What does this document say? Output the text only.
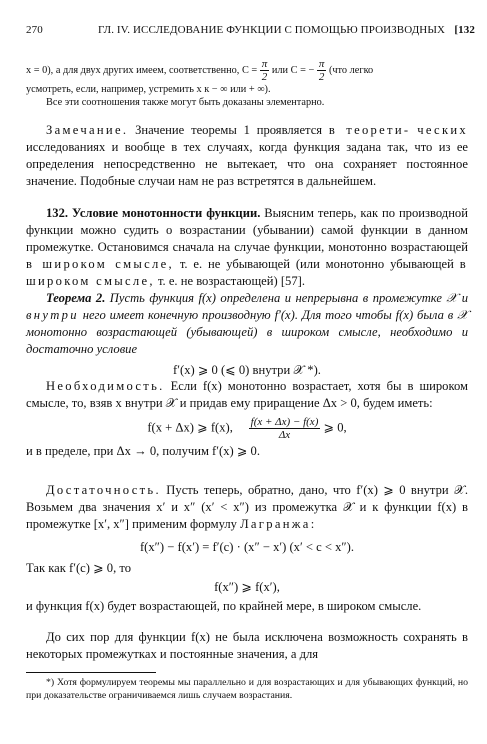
270	ГЛ. IV. ИССЛЕДОВАНИЕ ФУНКЦИИ С ПОМОЩЬЮ ПРОИЗВОДНЫХ [132

x = 0), а для двух других имеем, соответственно, $C = \frac{\pi}{2}$ или C = − $\frac{\pi}{2} (что$ легко

усмотреть, если, например, устремить x к − ∞ или + ∞).

Все эти соотношения также могут быть доказаны элементарно.

Замечание. Значение теоремы 1 проявляется в теорети- ческих исследованиях и вообще в тех случаях, когда функция задана так, что из ее определения непосредственно не вытекает, что она сохраняет постоянное значение. Подобные случаи нам не раз встретятся в дальнейшем.

132. Условие монотонности функции. Выясним теперь, как по производной функции можно судить о возрастании (убывании) самой функции в данном промежутке. Остановимся сначала на случае функции, монотонно возрастающей в широком смысле, т. е. не убывающей (или монотонно убывающей в широком смысле, т. е. не возрастающей) [57].

Теорема 2. Пусть функция f(x) определена и непрерывна в промежутке 𝒳 и внутри него имеет конечную производную f′(x). Для того чтобы f(x) была в 𝒳 монотонно возрастающей (убывающей) в широком смысле, необходимо и достаточно условие

f′(x) ⩾ 0 (⩽ 0) внутри 𝒳 *).

Необходимость. Если f(x) монотонно возрастает, хотя бы в широком смысле, то, взяв x внутри 𝒳 и придав ему приращение Δx > 0, будем иметь:

f(x + Δx) ⩾ f(x), $\frac{f(x + \Delta x) - f(x)}{\Delta x}$ ⩾ 0,

и в пределе, при Δx → 0, получим f′(x) ⩾ 0.

Достаточность. Пусть теперь, обратно, дано, что f′(x) ⩾ 0 внутри 𝒳. Возьмем два значения x′ и x″ (x′ < x″) из промежутка 𝒳 и к функции f(x) в промежутке [x′, x″] применим формулу Лагранжа:

f(x″) − f(x′) = f′(c) · (x″ − x′) (x′ < c < x″).

Так как f′(c) ⩾ 0, то

f(x″) ⩾ f(x′),

и функция f(x) будет возрастающей, по крайней мере, в широком смысле.

До сих пор для функции f(x) не была исключена возможность сохранять в некоторых промежутках и постоянные значения, а для

*) Хотя формулируем теоремы мы параллельно и для возрастающих и для убывающих функций, но при доказательстве ограничиваемся лишь случаем возрастания.
